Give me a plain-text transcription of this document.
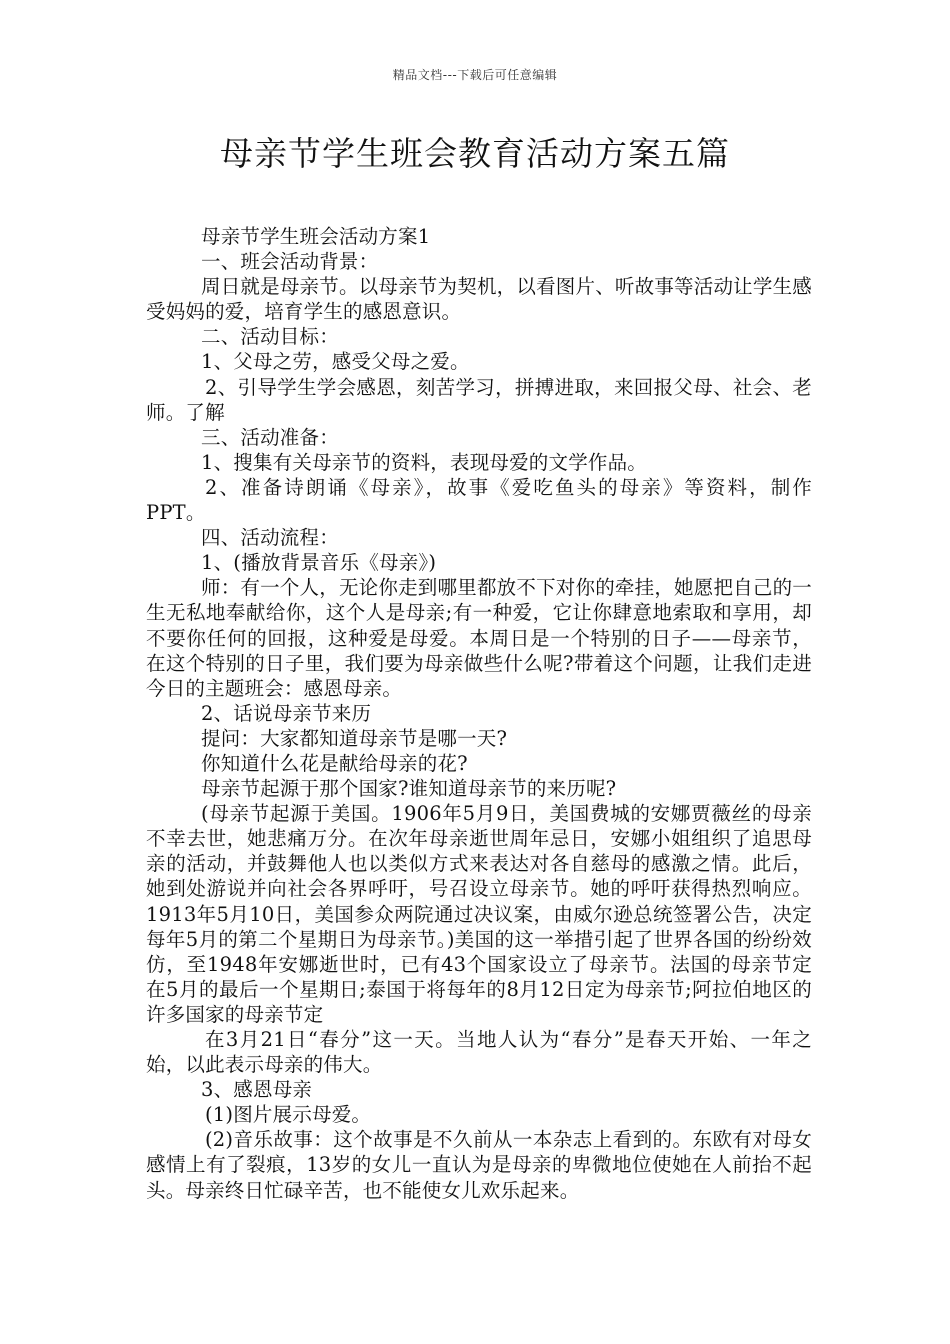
精品文档---下载后可任意编辑
母亲节学生班会教育活动方案五篇

母亲节学生班会活动方案1

一、班会活动背景：

周日就是母亲节。以母亲节为契机，以看图片、听故事等活动让学生感受妈妈的爱，培育学生的感恩意识。

二、活动目标：

1、父母之劳，感受父母之爱。

2、引导学生学会感恩，刻苦学习，拼搏进取，来回报父母、社会、老师。了解

三、活动准备：

1、搜集有关母亲节的资料，表现母爱的文学作品。

2、准备诗朗诵《母亲》，故事《爱吃鱼头的母亲》等资料，制作PPT。

四、活动流程：

1、(播放背景音乐《母亲》)

师：有一个人，无论你走到哪里都放不下对你的牵挂，她愿把自己的一生无私地奉献给你，这个人是母亲;有一种爱，它让你肆意地索取和享用，却不要你任何的回报，这种爱是母爱。本周日是一个特别的日子——母亲节，在这个特别的日子里，我们要为母亲做些什么呢?带着这个问题，让我们走进今日的主题班会：感恩母亲。

2、话说母亲节来历

提问：大家都知道母亲节是哪一天?

你知道什么花是献给母亲的花?

母亲节起源于那个国家?谁知道母亲节的来历呢?

(母亲节起源于美国。1906年5月9日，美国费城的安娜贾薇丝的母亲不幸去世，她悲痛万分。在次年母亲逝世周年忌日，安娜小姐组织了追思母亲的活动，并鼓舞他人也以类似方式来表达对各自慈母的感激之情。此后，她到处游说并向社会各界呼吁，号召设立母亲节。她的呼吁获得热烈响应。1913年5月10日，美国参众两院通过决议案，由威尔逊总统签署公告，决定每年5月的第二个星期日为母亲节。)美国的这一举措引起了世界各国的纷纷效仿，至1948年安娜逝世时，已有43个国家设立了母亲节。法国的母亲节定在5月的最后一个星期日;泰国于将每年的8月12日定为母亲节;阿拉伯地区的许多国家的母亲节定

在3月21日“春分”这一天。当地人认为“春分”是春天开始、一年之始，以此表示母亲的伟大。

3、感恩母亲

(1)图片展示母爱。

(2)音乐故事：这个故事是不久前从一本杂志上看到的。东欧有对母女感情上有了裂痕，13岁的女儿一直认为是母亲的卑微地位使她在人前抬不起头。母亲终日忙碌辛苦，也不能使女儿欢乐起来。
